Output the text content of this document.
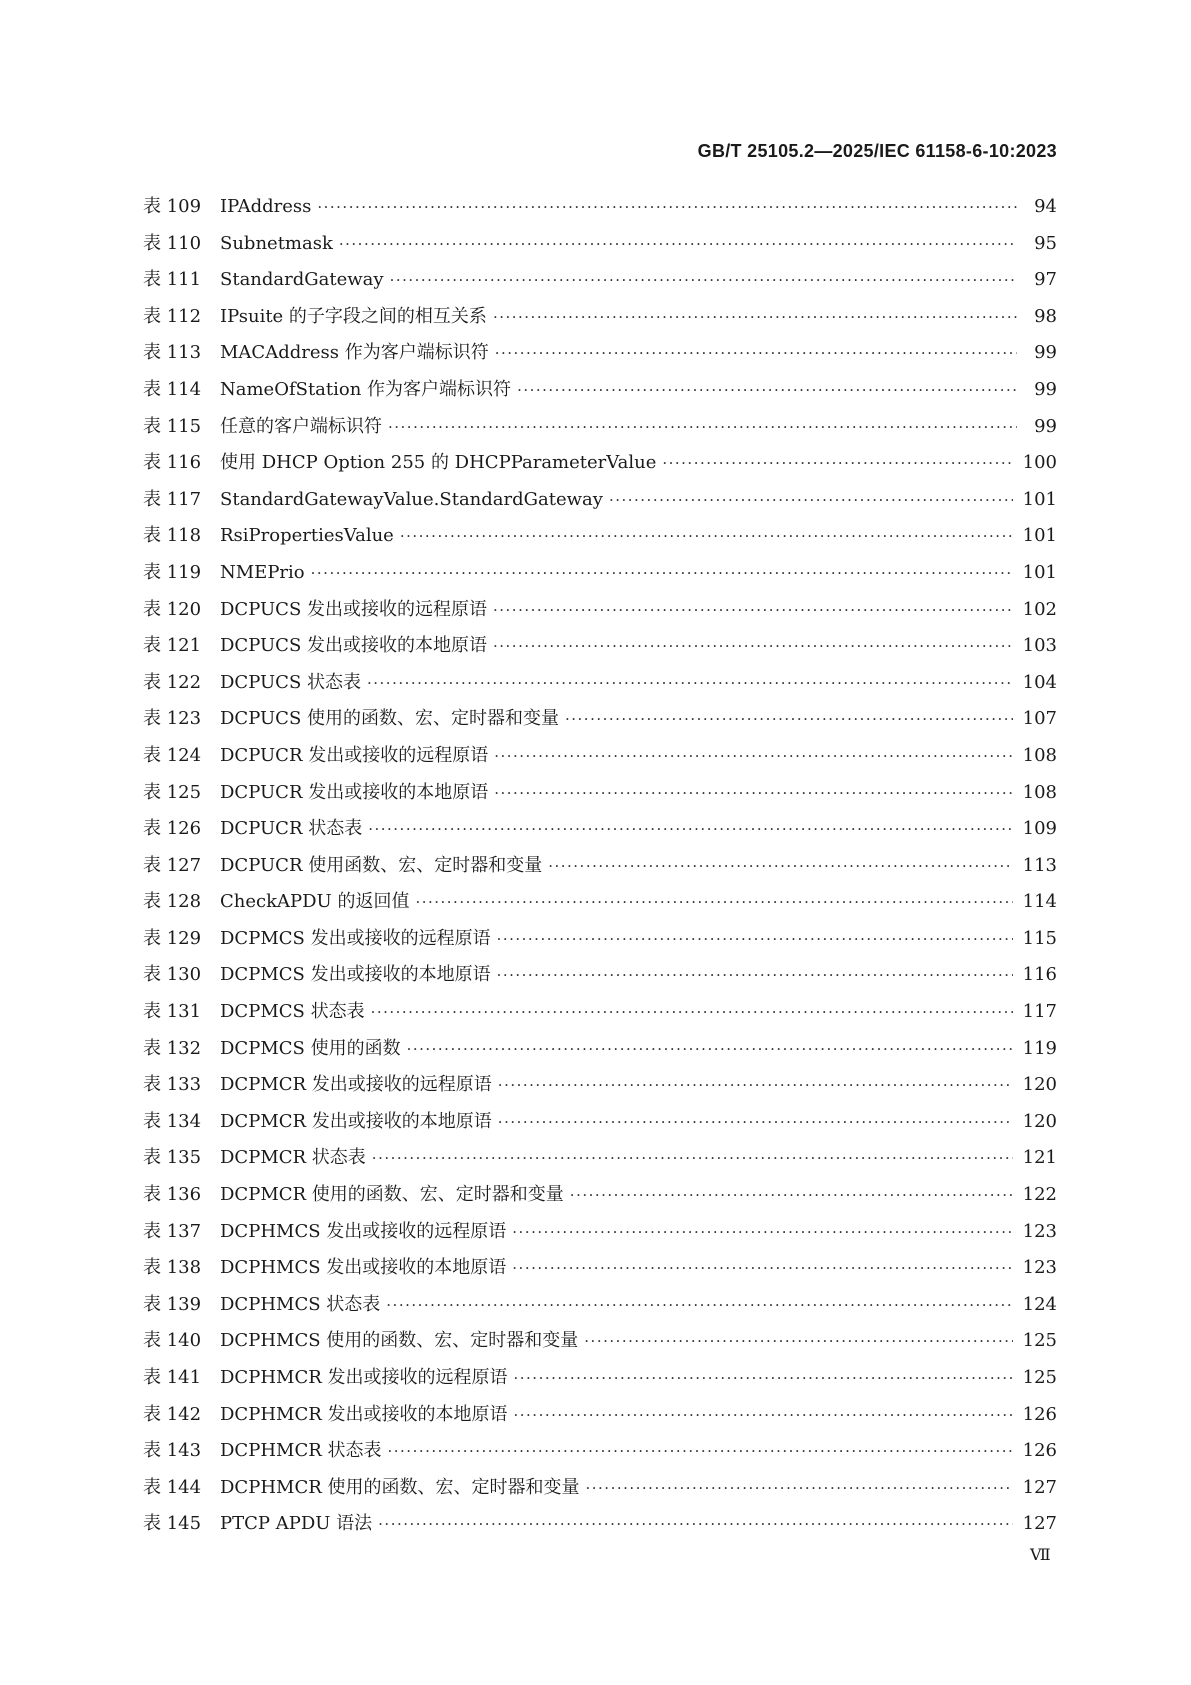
GB/T 25105.2—2025/IEC 61158-6-10:2023
表 109	IPAddress ·····	94
表 110	Subnetmask ·····	95
表 111	StandardGateway ·····	97
表 112	IPsuite 的子字段之间的相互关系 ·····	98
表 113	MACAddress 作为客户端标识符 ·····	99
表 114	NameOfStation 作为客户端标识符 ·····	99
表 115	任意的客户端标识符 ·····	99
表 116	使用 DHCP Option 255 的 DHCPParameterValue ·····	100
表 117	StandardGatewayValue.StandardGateway ·····	101
表 118	RsiPropertiesValue ·····	101
表 119	NMEPrio ·····	101
表 120	DCPUCS 发出或接收的远程原语 ·····	102
表 121	DCPUCS 发出或接收的本地原语 ·····	103
表 122	DCPUCS 状态表 ·····	104
表 123	DCPUCS 使用的函数、宏、定时器和变量 ·····	107
表 124	DCPUCR 发出或接收的远程原语 ·····	108
表 125	DCPUCR 发出或接收的本地原语 ·····	108
表 126	DCPUCR 状态表 ·····	109
表 127	DCPUCR 使用函数、宏、定时器和变量 ·····	113
表 128	CheckAPDU 的返回值 ·····	114
表 129	DCPMCS 发出或接收的远程原语 ·····	115
表 130	DCPMCS 发出或接收的本地原语 ·····	116
表 131	DCPMCS 状态表 ·····	117
表 132	DCPMCS 使用的函数 ·····	119
表 133	DCPMCR 发出或接收的远程原语 ·····	120
表 134	DCPMCR 发出或接收的本地原语 ·····	120
表 135	DCPMCR 状态表 ·····	121
表 136	DCPMCR 使用的函数、宏、定时器和变量 ·····	122
表 137	DCPHMCS 发出或接收的远程原语 ·····	123
表 138	DCPHMCS 发出或接收的本地原语 ·····	123
表 139	DCPHMCS 状态表 ·····	124
表 140	DCPHMCS 使用的函数、宏、定时器和变量 ·····	125
表 141	DCPHMCR 发出或接收的远程原语 ·····	125
表 142	DCPHMCR 发出或接收的本地原语 ·····	126
表 143	DCPHMCR 状态表 ·····	126
表 144	DCPHMCR 使用的函数、宏、定时器和变量 ·····	127
表 145	PTCP APDU 语法 ·····	127
Ⅶ
